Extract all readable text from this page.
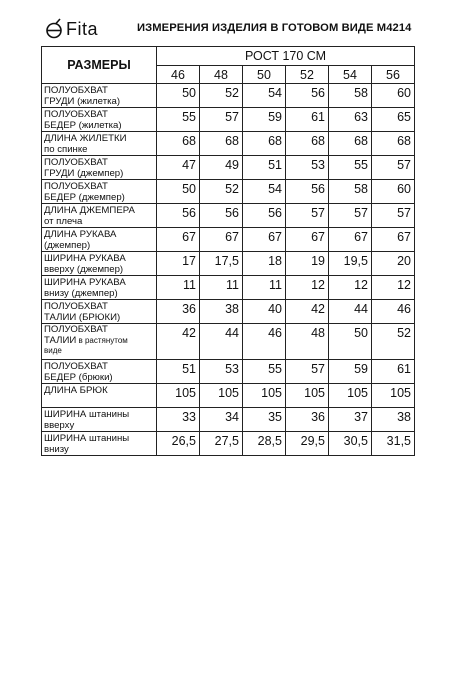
Fita	ИЗМЕРЕНИЯ ИЗДЕЛИЯ В ГОТОВОМ ВИДЕ М4214
РАЗМЕРЫ	РОСТ 170 СМ					
	46	48	50	52	54	56
ПОЛУОБХВАТ
ГРУДИ (жилетка)	50	52	54	56	58	60
ПОЛУОБХВАТ
БЕДЕР (жилетка)	55	57	59	61	63	65
ДЛИНА ЖИЛЕТКИ
по спинке	68	68	68	68	68	68
ПОЛУОБХВАТ
ГРУДИ (джемпер)	47	49	51	53	55	57
ПОЛУОБХВАТ
БЕДЕР (джемпер)	50	52	54	56	58	60
ДЛИНА ДЖЕМПЕРА
от плеча	56	56	56	57	57	57
ДЛИНА РУКАВА
(джемпер)	67	67	67	67	67	67
ШИРИНА РУКАВА
вверху (джемпер)	17	17,5	18	19	19,5	20
ШИРИНА РУКАВА
внизу (джемпер)	11	11	11	12	12	12
ПОЛУОБХВАТ
ТАЛИИ (БРЮКИ)	36	38	40	42	44	46
ПОЛУОБХВАТ
ТАЛИИ в растянутом
виде	42	44	46	48	50	52
ПОЛУОБХВАТ
БЕДЕР (брюки)	51	53	55	57	59	61
ДЛИНА БРЮК	105	105	105	105	105	105
ШИРИНА штанины
вверху	33	34	35	36	37	38
ШИРИНА штанины
внизу	26,5	27,5	28,5	29,5	30,5	31,5
